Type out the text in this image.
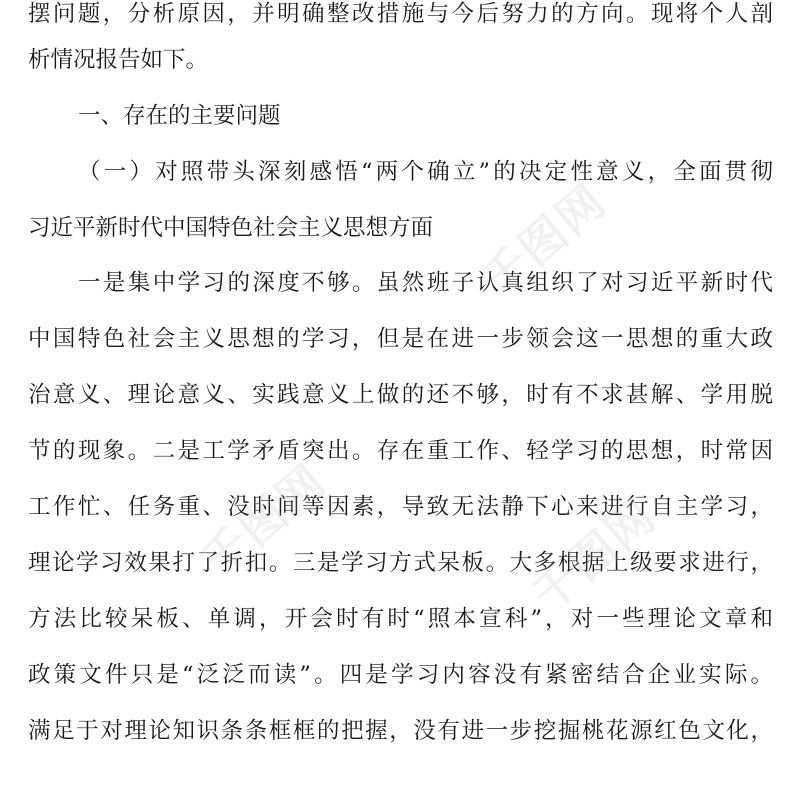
摆问题，分析原因，并明确整改措施与今后努力的方向。现将个人剖
析情况报告如下。
一、存在的主要问题
（一）对照带头深刻感悟“两个确立”的决定性意义，全面贯彻
习近平新时代中国特色社会主义思想方面
一是集中学习的深度不够。虽然班子认真组织了对习近平新时代
中国特色社会主义思想的学习，但是在进一步领会这一思想的重大政
治意义、理论意义、实践意义上做的还不够，时有不求甚解、学用脱
节的现象。二是工学矛盾突出。存在重工作、轻学习的思想，时常因
工作忙、任务重、没时间等因素，导致无法静下心来进行自主学习，
理论学习效果打了折扣。三是学习方式呆板。大多根据上级要求进行，
方法比较呆板、单调，开会时有时“照本宣科”，对一些理论文章和
政策文件只是“泛泛而读”。四是学习内容没有紧密结合企业实际。
满足于对理论知识条条框框的把握，没有进一步挖掘桃花源红色文化，
千图网
千图网	千图网
